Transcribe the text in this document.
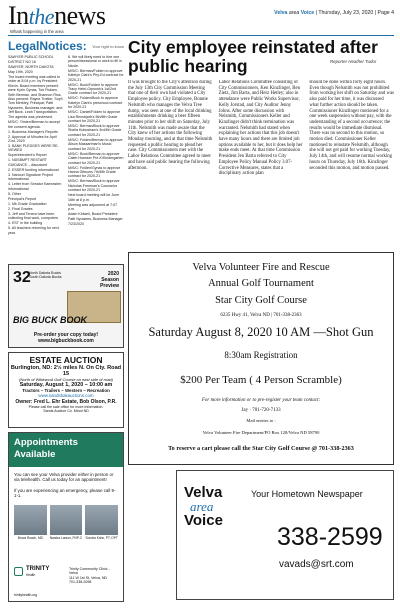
Inthenews
Whats happening in the area
Velva area Voice | Thursday, July 23, 2020 | Page 4
LegalNotices:	Your right to know

SAWYER PUBLIC SCHOOL

DISTRICT NO 16

SAWYER, NORTH DAKOTA

May 19th, 2020

The board meeting was called to order at 5:04 p.m. by President Klevin. Board members present were Kyrin Gynas, Tori Fiskam, Seth Berman, and Shannon Rios. Also present: Rayne Trottier, Sup't; Tom Merkley, Principal; Patti Nyuwees, Business manager, and Jeff Bock. Leah Transportation.

The agenda was previewed.

M/S/C: Tristen/Berman to accept the consent agenda.

1. Business Manager's Reports

2. Approval of Minutes for April 21st, 2020

3. BANK PLEDGES WERE RE-VIEWED

Superintendent's Report

1. NDSBMPT RESTART GUIDANCE – discussed

2. ESSER funding informational

3. Nanouri Signature Project informational

4. Letter from Senator Kamrasten informational

5. Other

Principal's Report

1. Mk Grade Graduation

2. Final Grades

3. Jeff and Tenera have been collecting final work, computers

4. EST in the building

5. All teachers returning for next year.

6. We will likely need to hire one person/itsessional or work to fill in Nicole.

M/S/C: Berman/Folden to approve Katelyn Clark's Phy-Ed contract for 2020-21

M/S/C: Bock/Folden to approve Tracy Heinl-Grpsunk's 1st/2nd Grade contract for 2020-21

M/S/C: Folden/Bock to approve Katelyn Clark's preschool contract for 2020-21

M/S/C: Daniel/Folden to approve Lisa Rensbjarb's 5th/6th Grade contract for 2020-21

M/S/C: Berman/Bock to approve Sheila Kubushaw's 3rd/4th Grade contract for 2020-21

M/S/C: Folden/Berman to approve Alison Massartman's Music contract for 2020-21

M/S/C: Bock/Berman to approve Caleb Hoesser Pre-K/Kindergarten contract for 2020-21

M/S/C: Folden/Gynas to approve Hanna Gibsons 7th/8th Grade contract for 2020-21

M/S/C: Berman/Bock to approve Nicholas Freeman's Counselor contract for 2020-21

Next board meeting will be June 16th at 8 p.m.

Meeting was adjourned at 7:07 p.m.

Adam Kidwell, Board President

Patti Nyuwees, Business Manager

7/23/2020

City employee reinstated after public hearing	Reporter Heather Tudor

It was brought to the City's attention during the July 13th City Commission Meeting that one of their own had violated a City Employee policy. City Employee, Bonnie Nelsmith who manages the Velva Tree dump, was seen at one of the local drinking establishments drinking a beer fifteen minutes prior to her shift on Saturday, July 11th. Nelsmith was made aware that the City knew of her actions the following Monday morning, and at that time Nelsmith requested a public hearing to plead her case. City Commissioners met with the Labor Relations Committee agreed to meet and have said public hearing the following afternoon.

Labor Relations Committee consisting of City Commissioners, Ken Kinzlinger, Ben Zietz, Jim Barta, and Herz Hetley; also in attendance were Public Works Supervisor, Kelly Jorstad, and City Auditor Jenny Johns. After some discussion with Nelsmith, Commissioners Keller and Kinzlinger didn't think termination was warranted. Nelsmith had stated when explaining her actions that this job doesn't have many hours and there are limited job options available to her, but it does help her make ends meet. At that time Commission President Jen Barta referred to City Employee Policy Manual Policy 3.07- Corrective Measures, states that a disciplinary action plan

should be done within forty eight hours. Even though Nelsmith was not prohibited from working her shift on Saturday and was also paid for her time, it was discussed what further action should be taken. Commissioner Kinzlinger motioned for a one week suspension without pay, with the understanding of a second occurrence; the results would be immediate dismissal. There was no second to this motion, so motion died. Commissioner Keller motioned to reinstate Nelsmith, although she will not get paid for working Tuesday, July 14th, and will resume normal working hours on Thursday, July 16th. Kinzlinger seconded this motion, and motion passed.

Velva Volunteer Fire and Rescue
Annual Golf Tournament
Star City Golf Course
6235 Hwy 41, Velva ND | 701-338-2363
Saturday August 8, 2020 10 AM —Shot Gun
8:30am Registration
$200 Per Team ( 4 Person Scramble)
For more information or to pre-register your team contact:
Jay · 701-720-7133
Mail entries to :
Velva Volunteer Fire Department/PO Box 128/Velva ND 58790
To reserve a cart please call the Star City Golf Course @ 701-338-2363
32
North Dakota Bucks
South Dakota Bucks
2020
Season
Preview
BIG BUCK BOOK
Pre-order your copy today! www.bigbuckbook.com
ESTATE AUCTION
Burlington, ND: 2½ miles N. On Cty. Road 15
(North of Wildwood Golf Course on east side of road)
Saturday, August 1, 2020 – 10:00 am
Tractors – Trailers – Western – Recreation
www.sandsbakauctions.com
Owner: Fred L. Ehr Estate, Bob Olson, P.R.
Please call the sale office for more information.
Sands Auction Co. Minot ND
Appointments
Available
You can see your Velva provider either in person or via telehealth. Call us today for an appointment!
If you are experiencing an emergency, please call 9-1-1.
Brova Roach, MD	Nandra Larson, FNP-C Sondra Kohn, PT, DPT
TRINITY
Health
trinityhealth.org
Trinity Community Clinic -
Velva
111 W 1st St, Velva, ND
701-338-2098
Velva
area
Voice
Your Hometown Newspaper
338-2599
vavads@srt.com
